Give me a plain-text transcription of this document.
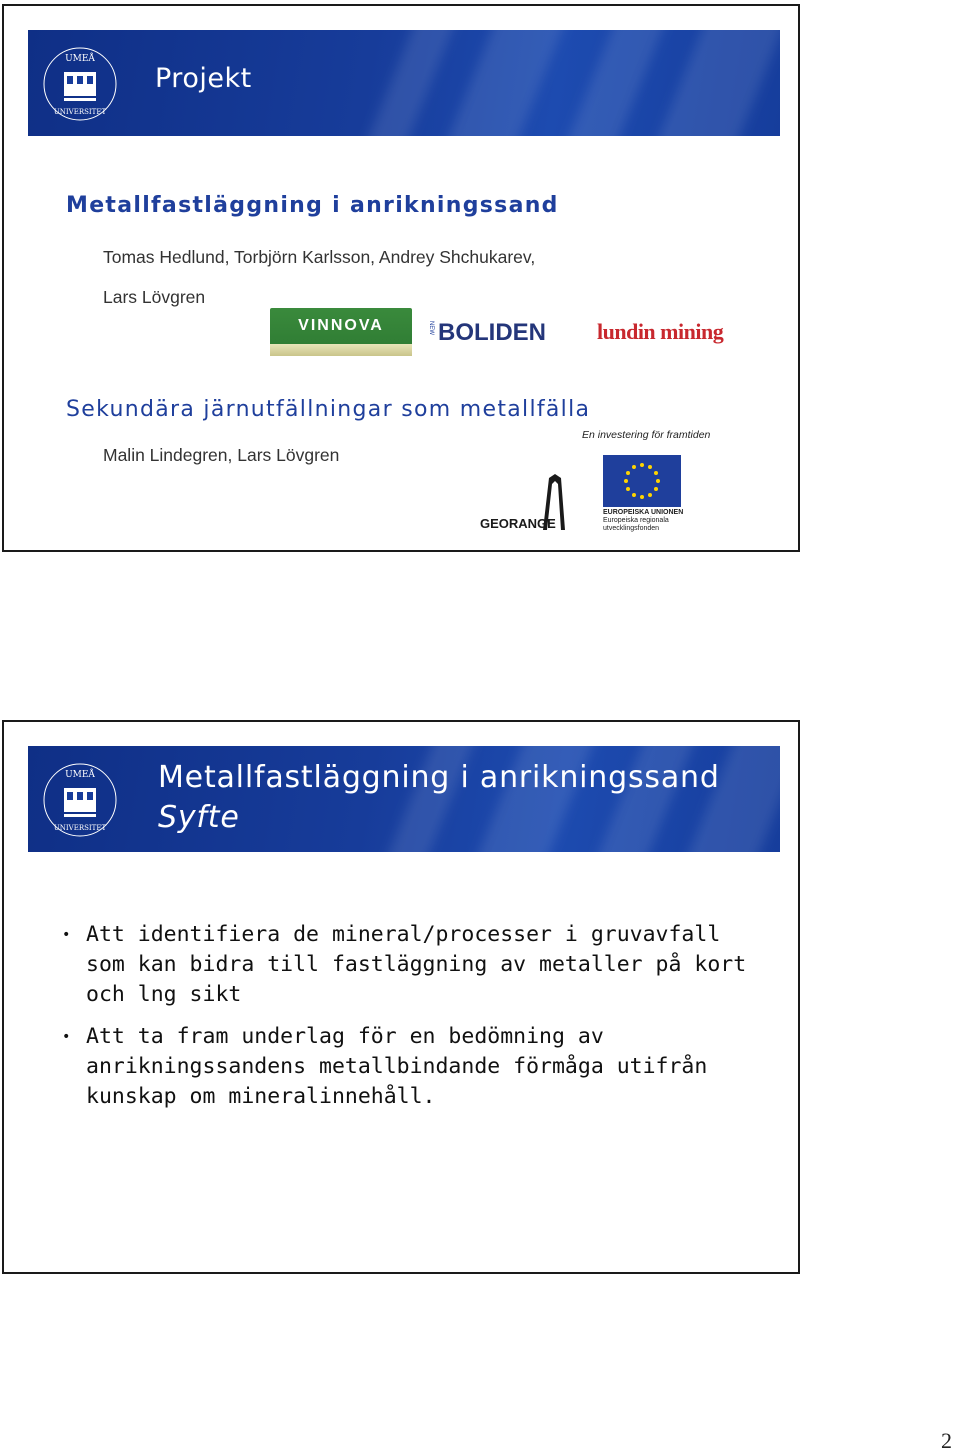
UMEÅ
UNIVERSITET
Projekt
Metallfastläggning i anrikningssand
Tomas Hedlund, Torbjörn Karlsson, Andrey Shchukarev,
Lars Lövgren
VINNOVA	NEW BOLIDEN lundin mining
Sekundära järnutfällningar som metallfälla
Malin Lindegren, Lars Lövgren
En investering för framtiden
EUROPEISKA UNIONEN
Europeiska regionala
utvecklingsfonden
GEORANGE
UMEÅ
UNIVERSITET
Metallfastläggning i anrikningssand
Syfte
• Att identifiera de mineral/processer i gruvavfall som kan bidra till fastläggning av metaller på kort och lng sikt
• Att ta fram underlag för en bedömning av anrikningssandens metallbindande förmåga utifrån kunskap om mineralinnehåll.
2
